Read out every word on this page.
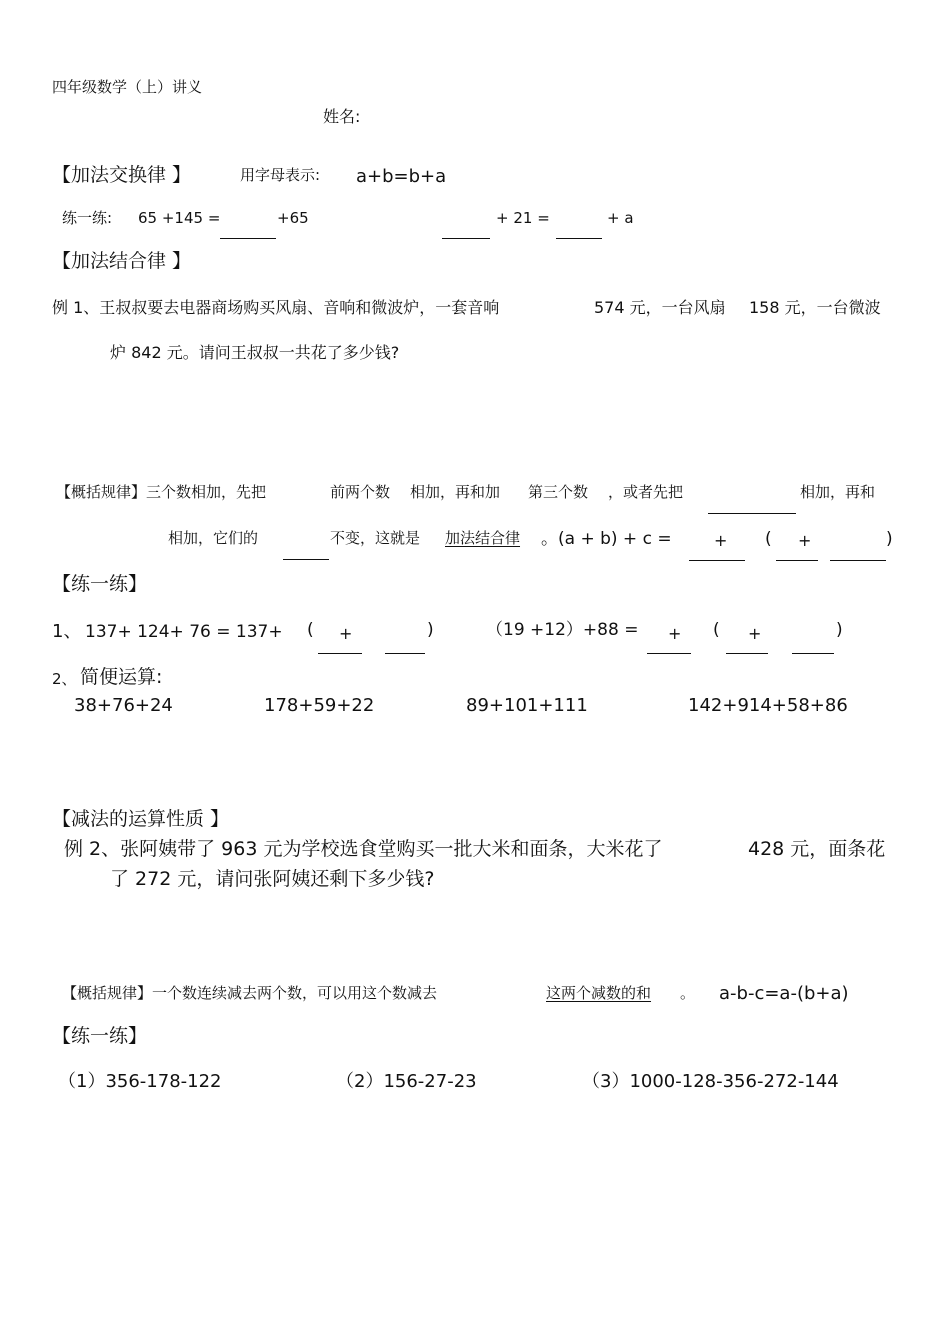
四年级数学（上）讲义
姓名:
【加法交换律 】	用字母表示: a+b=b+a
练一练: 65 +145 =	+65	+ 21 =	+ a
【加法结合律 】
例 1、王叔叔要去电器商场购买风扇、音响和微波炉，一套音响	574 元，一台风扇 158 元，一台微波
炉 842 元。请问王叔叔一共花了多少钱?
【概括规律】三个数相加，先把	前两个数 相加，再和加 第三个数 ，或者先把	相加，再和
相加，它们的	不变，这就是 加法结合律 。(a + b) + c =	+ ( +	)
【练一练】
1、 137+ 124+ 76 = 137+ ( +	)	（19 +12）+88 = + ( +	)
2、 简便运算:
38+76+24	178+59+22	89+101+111	142+914+58+86
【减法的运算性质 】
例 2、张阿姨带了 963 元为学校选食堂购买一批大米和面条，大米花了	428 元，面条花
了 272 元，请问张阿姨还剩下多少钱?
【概括规律】一个数连续减去两个数，可以用这个数减去	这两个减数的和 。 a-b-c=a-(b+a)
【练一练】
（1）356-178-122	（2）156-27-23	（3）1000-128-356-272-144
